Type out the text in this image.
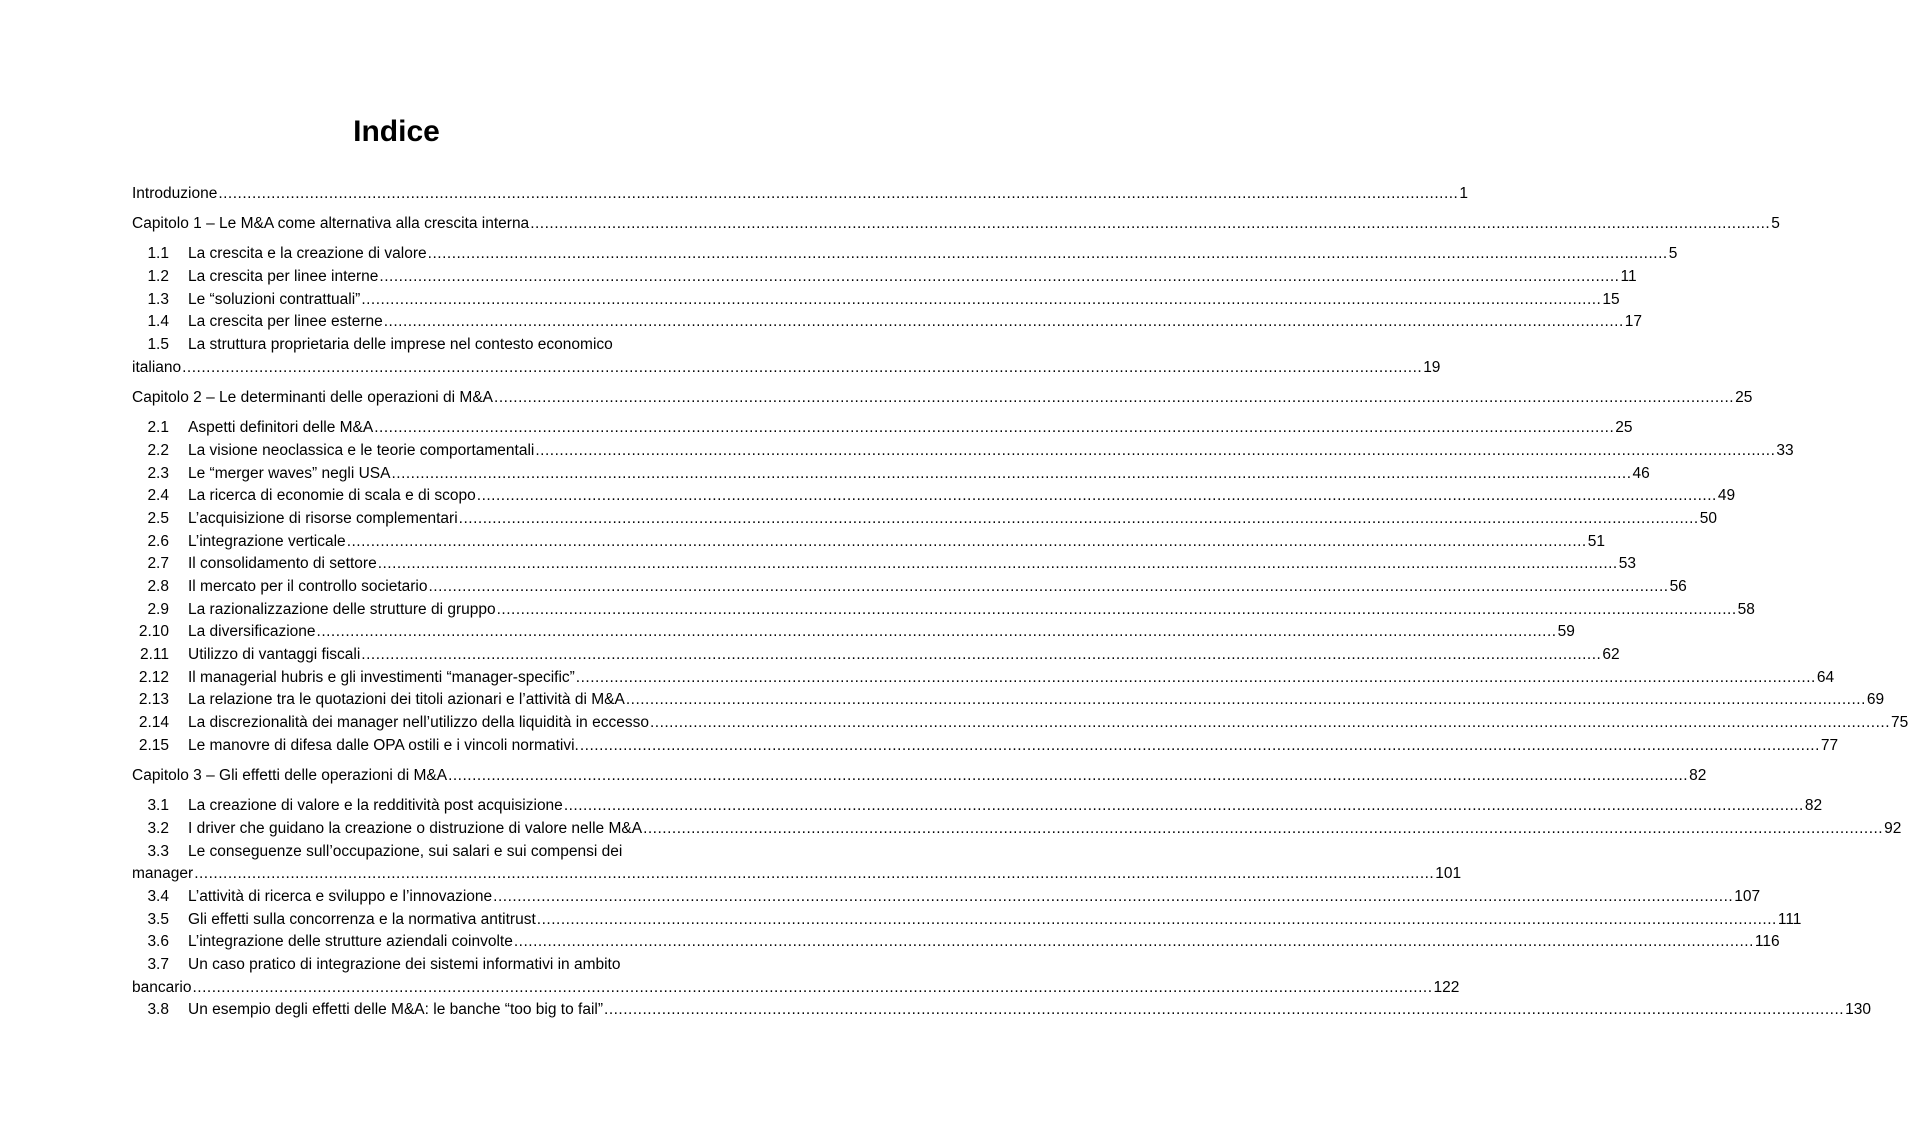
Indice
Introduzione .....	1
Capitolo 1 – Le M&A come alternativa alla crescita interna .....	5
1.1 La crescita e la creazione di valore .....	5
1.2 La crescita per linee interne .....	11
1.3 Le “soluzioni contrattuali” .....	15
1.4 La crescita per linee esterne .....	17
1.5 La struttura proprietaria delle imprese nel contesto economico
italiano .....	19
Capitolo 2 – Le determinanti delle operazioni di M&A .....	25
2.1 Aspetti definitori delle M&A .....	25
2.2 La visione neoclassica e le teorie comportamentali .....	33
2.3 Le “merger waves” negli USA .....	46
2.4 La ricerca di economie di scala e di scopo .....	49
2.5 L’acquisizione di risorse complementari .....	50
2.6 L’integrazione verticale .....	51
2.7 Il consolidamento di settore .....	53
2.8 Il mercato per il controllo societario .....	56
2.9 La razionalizzazione delle strutture di gruppo .....	58
2.10 La diversificazione .....	59
2.11 Utilizzo di vantaggi fiscali .....	62
2.12 Il managerial hubris e gli investimenti “manager-specific” .....	64
2.13 La relazione tra le quotazioni dei titoli azionari e l’attività di M&A .....	69
2.14 La discrezionalità dei manager nell’utilizzo della liquidità in eccesso .....	75
2.15 Le manovre di difesa dalle OPA ostili e i vincoli normativi. .....	77
Capitolo 3 – Gli effetti delle operazioni di M&A .....	82
3.1 La creazione di valore e la redditività post acquisizione .....	82
3.2 I driver che guidano la creazione o distruzione di valore nelle M&A .....	92
3.3 Le conseguenze sull’occupazione, sui salari e sui compensi dei
manager .....	101
3.4 L’attività di ricerca e sviluppo e l’innovazione .....	107
3.5 Gli effetti sulla concorrenza e la normativa antitrust .....	111
3.6 L’integrazione delle strutture aziendali coinvolte .....	116
3.7 Un caso pratico di integrazione dei sistemi informativi in ambito
bancario .....	122
3.8 Un esempio degli effetti delle M&A: le banche “too big to fail” .....	130
